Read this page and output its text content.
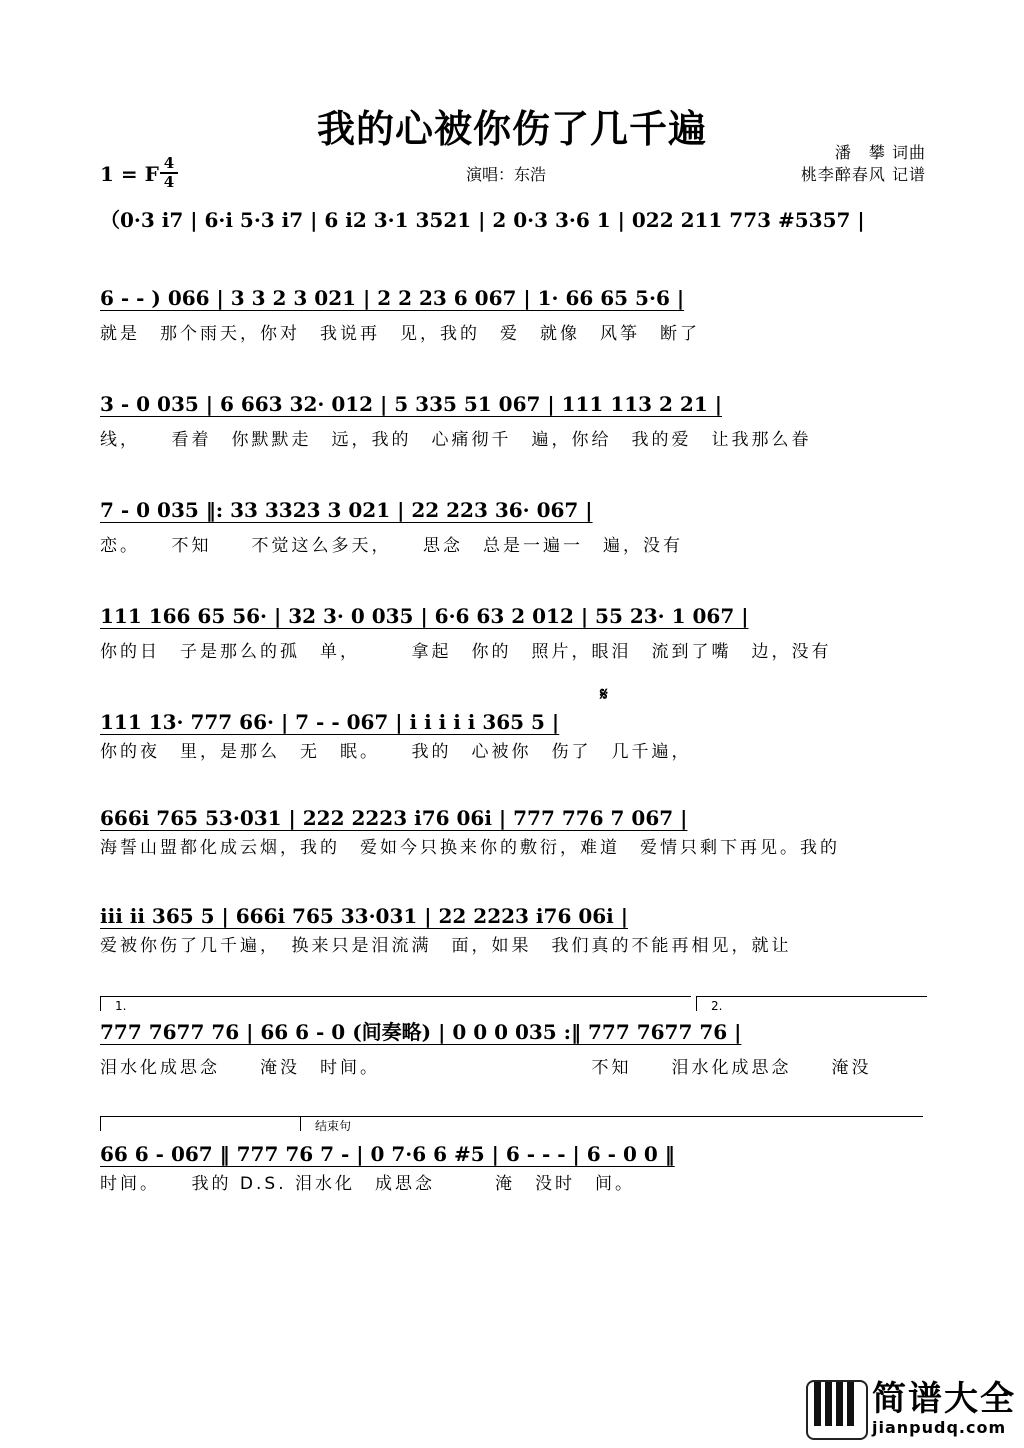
我的心被你伤了几千遍
1 = F 4
4	演唱：东浩
潘　攀 词曲
桃李醉春风 记谱
（0·3 i7 | 6·i 5·3 i7 | 6 i2 3·1 3521 | 2 0·3 3·6 1 | 022 211 773 #5357 |
6 - - ) 066 | 3 3 2 3 021 | 2 2 23 6 067 | 1· 66 65 5·6 |
就是　那个雨天，你对　我说再　见，我的　爱　就像　风筝　断了
3 - 0 035 | 6 663 32· 012 | 5 335 51 067 | 111 113 2 21 |
线，　　看着　你默默走　远，我的　心痛彻千　遍，你给　我的爱　让我那么眷
7 - 0 035 ‖: 33 3323 3 021 | 22 223 36· 067 |
恋。　　不知　　不觉这么多天，　　思念　总是一遍一　遍，没有
111 166 65 56· | 32 3· 0 035 | 6·6 63 2 012 | 55 23· 1 067 |
你的日　子是那么的孤　单，　　　拿起　你的　照片，眼泪　流到了嘴　边，没有
𝄋
111 13· 777 66· | 7 - - 067 | i i i i i 365 5 |
你的夜　里，是那么　无　眠。　　我的　心被你　伤了　几千遍，
666i 765 53·031 | 222 2223 i76 06i | 777 776 7 067 |
海誓山盟都化成云烟，我的　爱如今只换来你的敷衍，难道　爱情只剩下再见。我的
iii ii 365 5 | 666i 765 33·031 | 22 2223 i76 06i |
爱被你伤了几千遍，　换来只是泪流满　面，如果　我们真的不能再相见，就让
1.	2.
777 7677 76 | 66 6 - 0 (间奏略) | 0 0 0 035 :‖ 777 7677 76 |
泪水化成思念　　淹没　时间。　　　　　　　　　　　不知　　泪水化成思念　　淹没
结束句
66 6 - 067 ‖ 777 76 7 - | 0 7·6 6 #5 | 6 - - - | 6 - 0 0 ‖
时间。　　我的 D.S. 泪水化　成思念　　　淹　没时　间。
简谱大全
jianpudq.com
